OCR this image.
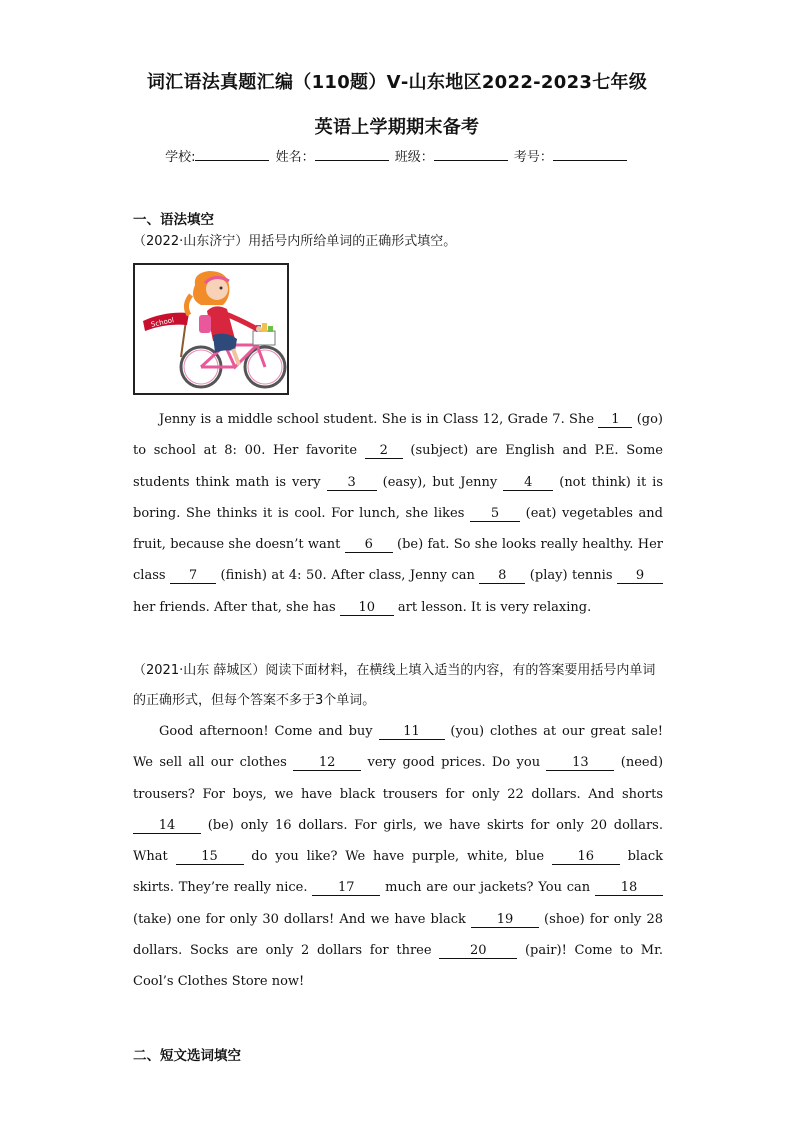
词汇语法真题汇编（110题）Ⅴ-山东地区2022-2023七年级
英语上学期期末备考
学校:	姓名：	班级：	考号：
一、语法填空
（2022·山东济宁）用括号内所给单词的正确形式填空。
School
Jenny is a middle school student. She is in Class 12, Grade 7. She 1 (go) to school at 8: 00. Her favorite 2 (subject) are English and P.E. Some students think math is very 3 (easy), but Jenny 4 (not think) it is boring. She thinks it is cool. For lunch, she likes 5 (eat) vegetables and fruit, because she doesn’t want 6 (be) fat. So she looks really healthy. Her class 7 (finish) at 4: 50. After class, Jenny can 8 (play) tennis 9 her friends. After that, she has 10 art lesson. It is very relaxing.
（2021·山东 薛城区）阅读下面材料，在横线上填入适当的内容，有的答案要用括号内单词的正确形式，但每个答案不多于3个单词。
Good afternoon! Come and buy 11 (you) clothes at our great sale! We sell all our clothes 12 very good prices. Do you 13 (need) trousers? For boys, we have black trousers for only 22 dollars. And shorts 14 (be) only 16 dollars. For girls, we have skirts for only 20 dollars. What 15 do you like? We have purple, white, blue 16 black skirts. They’re really nice. 17 much are our jackets? You can 18 (take) one for only 30 dollars! And we have black 19 (shoe) for only 28 dollars. Socks are only 2 dollars for three 20 (pair)! Come to Mr. Cool’s Clothes Store now!
二、短文选词填空
